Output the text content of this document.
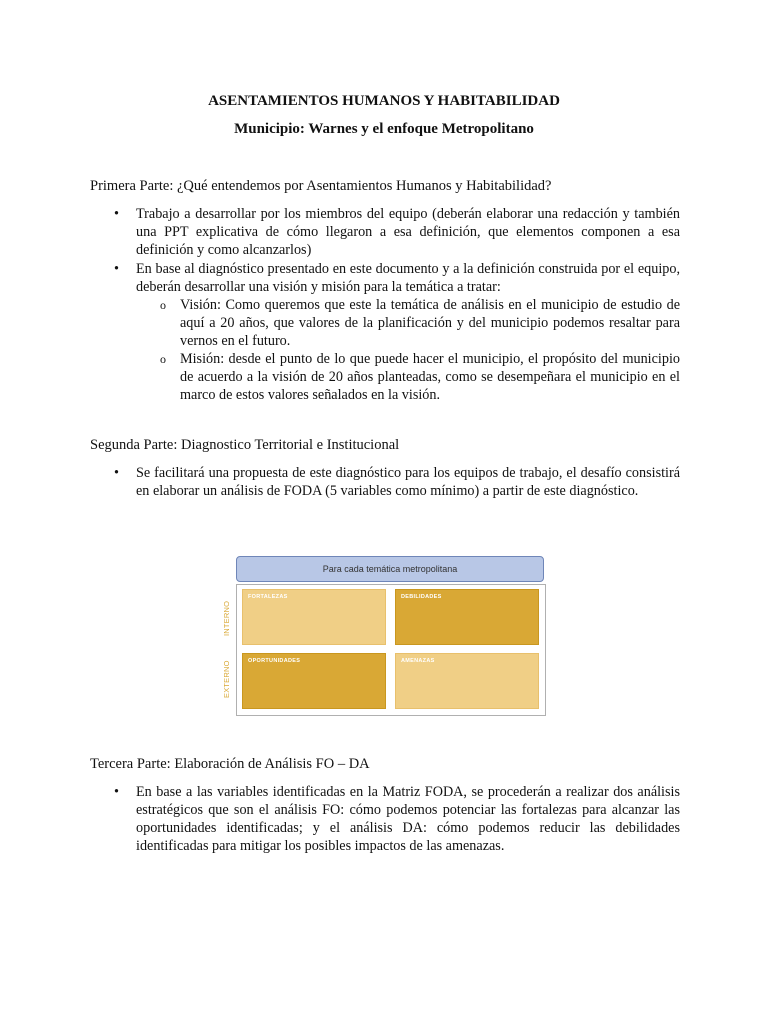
ASENTAMIENTOS HUMANOS Y HABITABILIDAD
Municipio: Warnes y el enfoque Metropolitano
Primera Parte: ¿Qué entendemos por Asentamientos Humanos y Habitabilidad?
• Trabajo a desarrollar por los miembros del equipo (deberán elaborar una redacción y también una PPT explicativa de cómo llegaron a esa definición, que elementos componen a esa definición y como alcanzarlos)
• En base al diagnóstico presentado en este documento y a la definición construida por el equipo, deberán desarrollar una visión y misión para la temática a tratar:
o Visión: Como queremos que este la temática de análisis en el municipio de estudio de aquí a 20 años, que valores de la planificación y del municipio podemos resaltar para vernos en el futuro.
o Misión: desde el punto de lo que puede hacer el municipio, el propósito del municipio de acuerdo a la visión de 20 años planteadas, como se desempeñara el municipio en el marco de estos valores señalados en la visión.
Segunda Parte: Diagnostico Territorial e Institucional
• Se facilitará una propuesta de este diagnóstico para los equipos de trabajo, el desafío consistirá en elaborar un análisis de FODA (5 variables como mínimo) a partir de este diagnóstico.
Para cada temática metropolitana
INTERNO
EXTERNO
FORTALEZAS	DEBILIDADES
OPORTUNIDADES	AMENAZAS
Tercera Parte: Elaboración de Análisis FO – DA
• En base a las variables identificadas en la Matriz FODA, se procederán a realizar dos análisis estratégicos que son el análisis FO: cómo podemos potenciar las fortalezas para alcanzar las oportunidades identificadas; y el análisis DA: cómo podemos reducir las debilidades identificadas para mitigar los posibles impactos de las amenazas.
